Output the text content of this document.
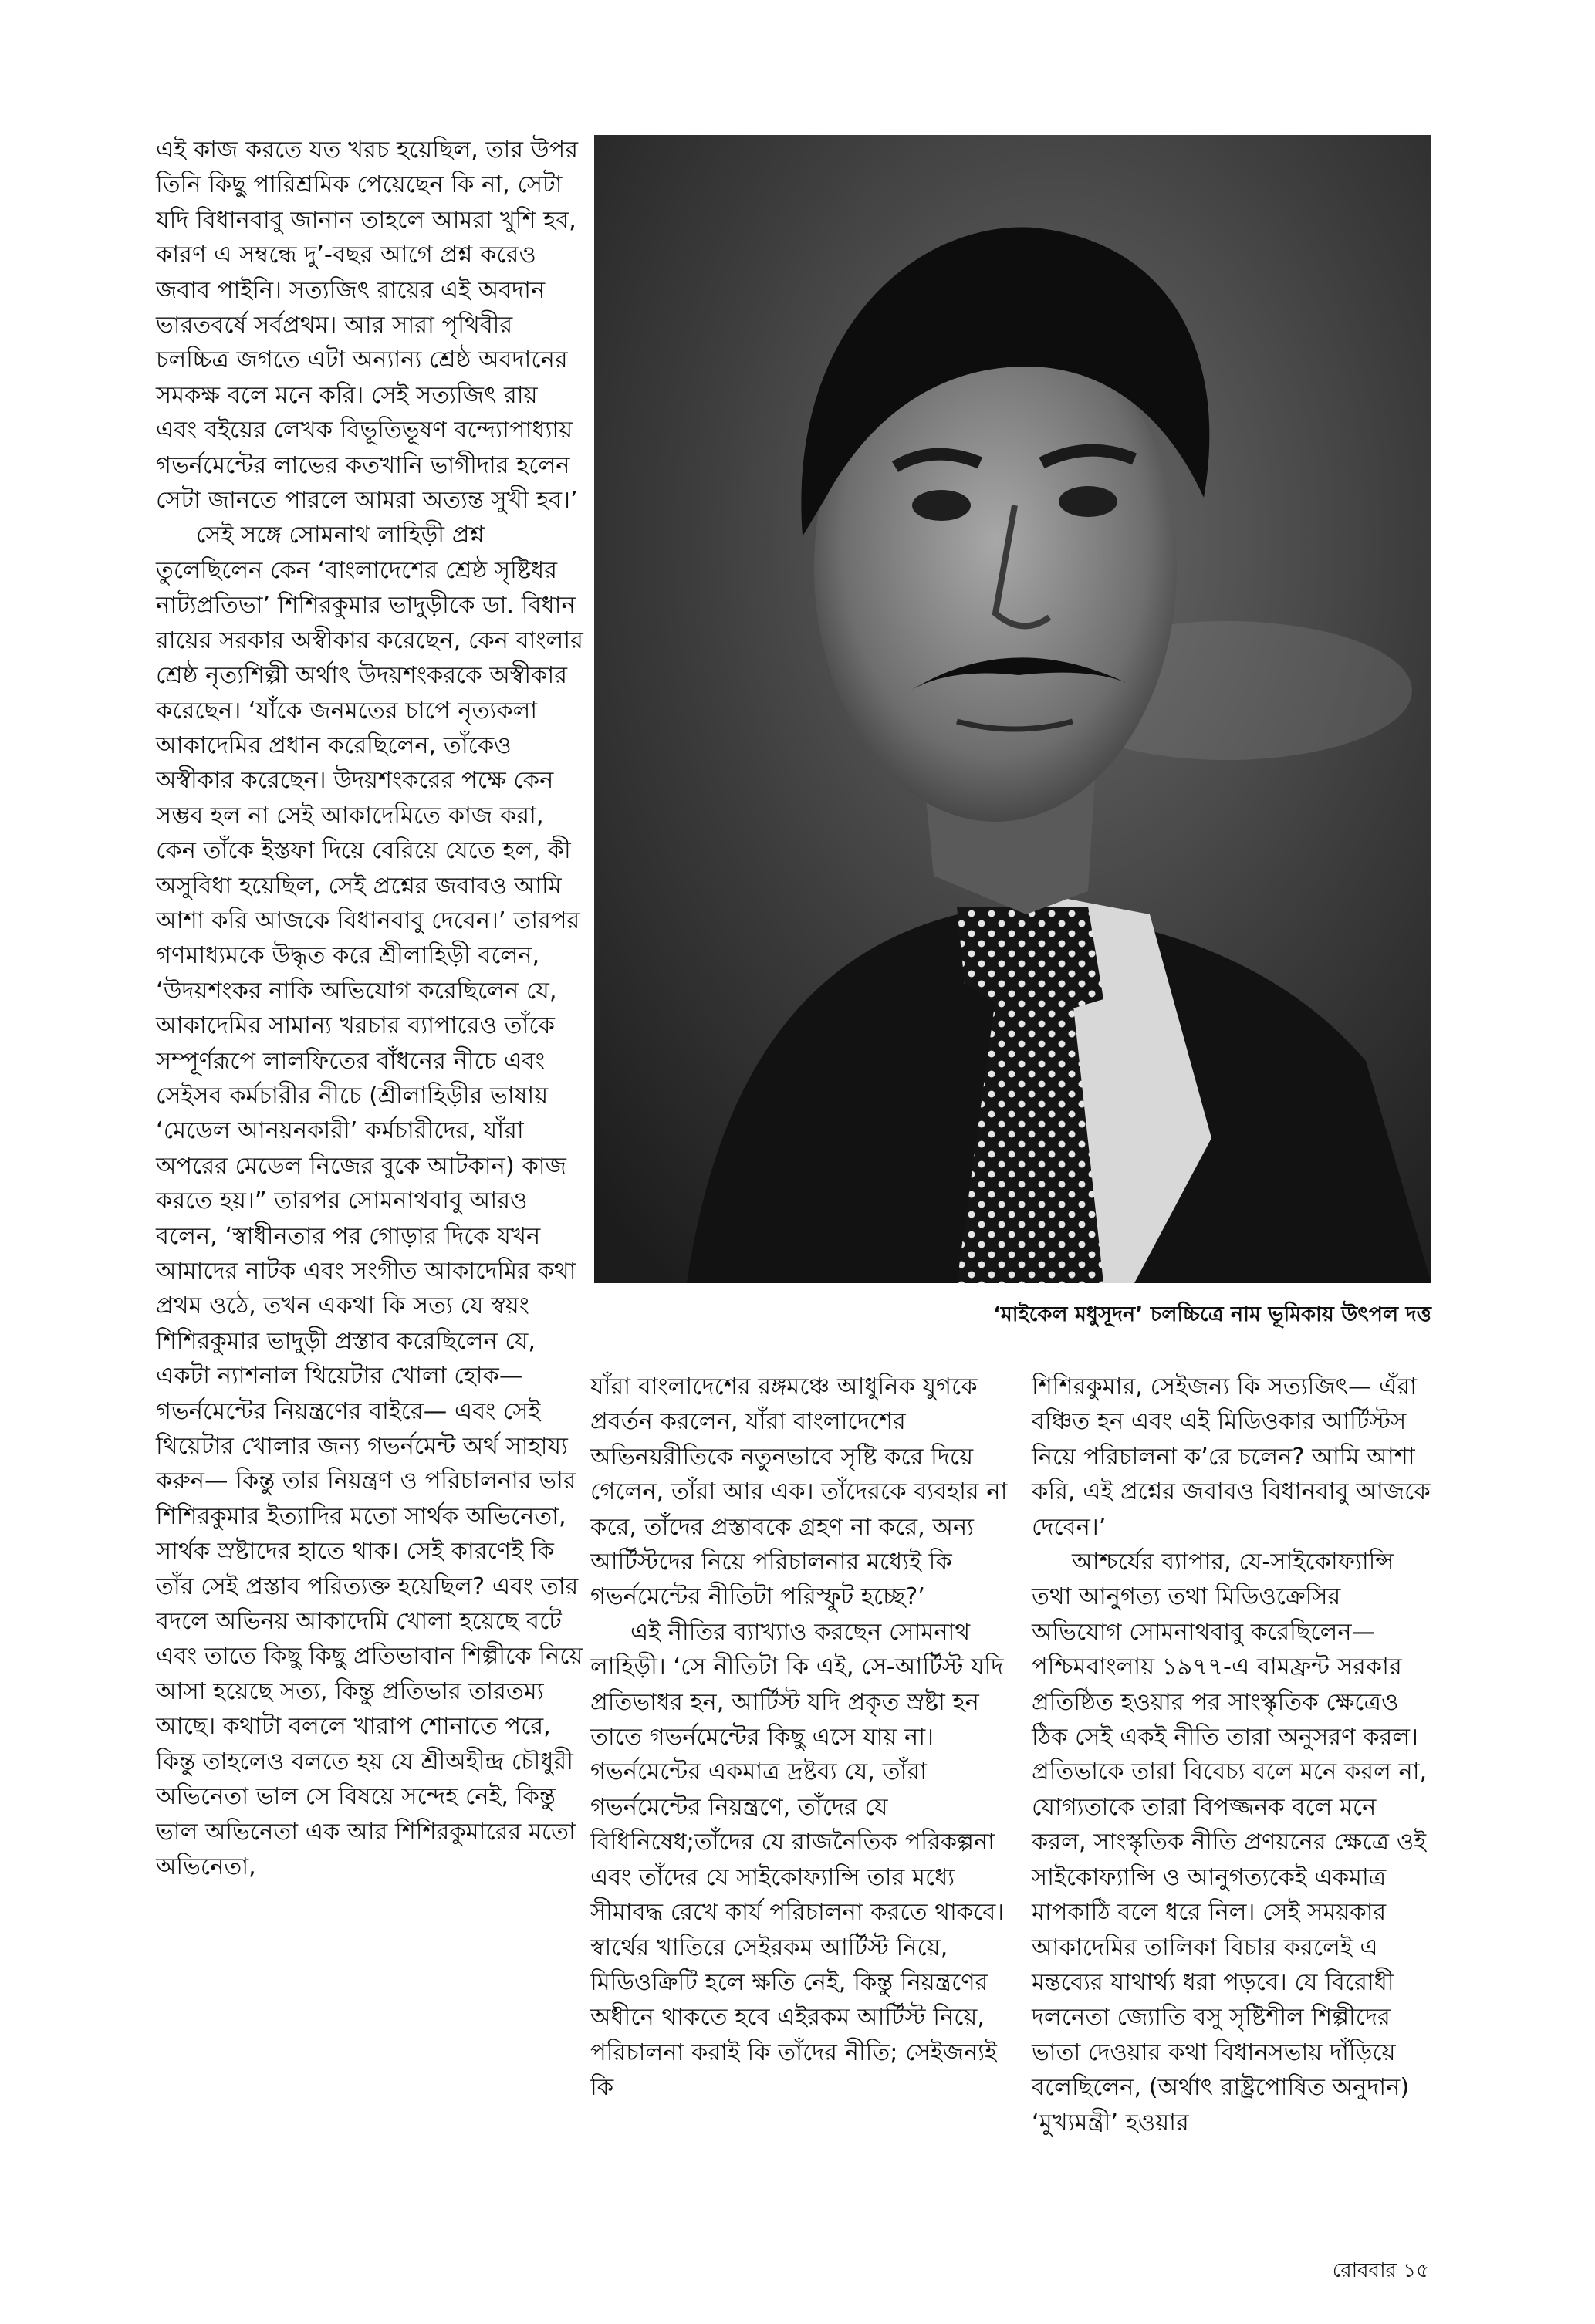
এই কাজ করতে যত খরচ হয়েছিল, তার উপর তিনি কিছু পারিশ্রমিক পেয়েছেন কি না, সেটা যদি বিধানবাবু জানান তাহলে আমরা খুশি হব, কারণ এ সম্বন্ধে দু’-বছর আগে প্রশ্ন করেও জবাব পাইনি। সত্যজিৎ রায়ের এই অবদান ভারতবর্ষে সর্বপ্রথম। আর সারা পৃথিবীর চলচ্চিত্র জগতে এটা অন্যান্য শ্রেষ্ঠ অবদানের সমকক্ষ বলে মনে করি। সেই সত্যজিৎ রায় এবং বইয়ের লেখক বিভূতিভূষণ বন্দ্যোপাধ্যায় গভর্নমেন্টের লাভের কতখানি ভাগীদার হলেন সেটা জানতে পারলে আমরা অত্যন্ত সুখী হব।’

সেই সঙ্গে সোমনাথ লাহিড়ী প্রশ্ন তুলেছিলেন কেন ‘বাংলাদেশের শ্রেষ্ঠ সৃষ্টিধর নাট্যপ্রতিভা’ শিশিরকুমার ভাদুড়ীকে ডা. বিধান রায়ের সরকার অস্বীকার করেছেন, কেন বাংলার শ্রেষ্ঠ নৃত্যশিল্পী অর্থাৎ উদয়শংকরকে অস্বীকার করেছেন। ‘যাঁকে জনমতের চাপে নৃত্যকলা আকাদেমির প্রধান করেছিলেন, তাঁকেও অস্বীকার করেছেন। উদয়শংকরের পক্ষে কেন সম্ভব হল না সেই আকাদেমিতে কাজ করা, কেন তাঁকে ইস্তফা দিয়ে বেরিয়ে যেতে হল, কী অসুবিধা হয়েছিল, সেই প্রশ্নের জবাবও আমি আশা করি আজকে বিধানবাবু দেবেন।’ তারপর গণমাধ্যমকে উদ্ধৃত করে শ্রীলাহিড়ী বলেন, ‘উদয়শংকর নাকি অভিযোগ করেছিলেন যে, আকাদেমির সামান্য খরচার ব্যাপারেও তাঁকে সম্পূর্ণরূপে লালফিতের বাঁধনের নীচে এবং সেইসব কর্মচারীর নীচে (শ্রীলাহিড়ীর ভাষায় ‘মেডেল আনয়নকারী’ কর্মচারীদের, যাঁরা অপরের মেডেল নিজের বুকে আটকান) কাজ করতে হয়।” তারপর সোমনাথবাবু আরও বলেন, ‘স্বাধীনতার পর গোড়ার দিকে যখন আমাদের নাটক এবং সংগীত আকাদেমির কথা প্রথম ওঠে, তখন একথা কি সত্য যে স্বয়ং শিশিরকুমার ভাদুড়ী প্রস্তাব করেছিলেন যে, একটা ন্যাশনাল থিয়েটার খোলা হোক— গভর্নমেন্টের নিয়ন্ত্রণের বাইরে— এবং সেই থিয়েটার খোলার জন্য গভর্নমেন্ট অর্থ সাহায্য করুন— কিন্তু তার নিয়ন্ত্রণ ও পরিচালনার ভার শিশিরকুমার ইত্যাদির মতো সার্থক অভিনেতা, সার্থক স্রষ্টাদের হাতে থাক। সেই কারণেই কি তাঁর সেই প্রস্তাব পরিত্যক্ত হয়েছিল? এবং তার বদলে অভিনয় আকাদেমি খোলা হয়েছে বটে এবং তাতে কিছু কিছু প্রতিভাবান শিল্পীকে নিয়ে আসা হয়েছে সত্য, কিন্তু প্রতিভার তারতম্য আছে। কথাটা বললে খারাপ শোনাতে পরে, কিন্তু তাহলেও বলতে হয় যে শ্রীঅহীন্দ্র চৌধুরী অভিনেতা ভাল সে বিষয়ে সন্দেহ নেই, কিন্তু ভাল অভিনেতা এক আর শিশিরকুমারের মতো অভিনেতা,

‘মাইকেল মধুসূদন’ চলচ্চিত্রে নাম ভূমিকায় উৎপল দত্ত

যাঁরা বাংলাদেশের রঙ্গমঞ্চে আধুনিক যুগকে প্রবর্তন করলেন, যাঁরা বাংলাদেশের অভিনয়রীতিকে নতুনভাবে সৃষ্টি করে দিয়ে গেলেন, তাঁরা আর এক। তাঁদেরকে ব্যবহার না করে, তাঁদের প্রস্তাবকে গ্রহণ না করে, অন্য আর্টিস্টদের নিয়ে পরিচালনার মধ্যেই কি গভর্নমেন্টের নীতিটা পরিস্ফুট হচ্ছে?’

এই নীতির ব্যাখ্যাও করছেন সোমনাথ লাহিড়ী। ‘সে নীতিটা কি এই, সে-আর্টিস্ট যদি প্রতিভাধর হন, আর্টিস্ট যদি প্রকৃত স্রষ্টা হন তাতে গভর্নমেন্টের কিছু এসে যায় না। গভর্নমেন্টের একমাত্র দ্রষ্টব্য যে, তাঁরা গভর্নমেন্টের নিয়ন্ত্রণে, তাঁদের যে বিধিনিষেধ;তাঁদের যে রাজনৈতিক পরিকল্পনা এবং তাঁদের যে সাইকোফ্যান্সি তার মধ্যে সীমাবদ্ধ রেখে কার্য পরিচালনা করতে থাকবে। স্বার্থের খাতিরে সেইরকম আর্টিস্ট নিয়ে, মিডিওক্রিটি হলে ক্ষতি নেই, কিন্তু নিয়ন্ত্রণের অধীনে থাকতে হবে এইরকম আর্টিস্ট নিয়ে, পরিচালনা করাই কি তাঁদের নীতি; সেইজন্যই কি

শিশিরকুমার, সেইজন্য কি সত্যজিৎ— এঁরা বঞ্চিত হন এবং এই মিডিওকার আর্টিস্টস নিয়ে পরিচালনা ক’রে চলেন? আমি আশা করি, এই প্রশ্নের জবাবও বিধানবাবু আজকে দেবেন।’

আশ্চর্যের ব্যাপার, যে-সাইকোফ্যান্সি তথা আনুগত্য তথা মিডিওক্রেসির অভিযোগ সোমনাথবাবু করেছিলেন— পশ্চিমবাংলায় ১৯৭৭-এ বামফ্রন্ট সরকার প্রতিষ্ঠিত হওয়ার পর সাংস্কৃতিক ক্ষেত্রেও ঠিক সেই একই নীতি তারা অনুসরণ করল। প্রতিভাকে তারা বিবেচ্য বলে মনে করল না, যোগ্যতাকে তারা বিপজ্জনক বলে মনে করল, সাংস্কৃতিক নীতি প্রণয়নের ক্ষেত্রে ওই সাইকোফ্যান্সি ও আনুগত্যকেই একমাত্র মাপকাঠি বলে ধরে নিল। সেই সময়কার আকাদেমির তালিকা বিচার করলেই এ মন্তব্যের যাথার্থ্য ধরা পড়বে। যে বিরোধী দলনেতা জ্যোতি বসু সৃষ্টিশীল শিল্পীদের ভাতা দেওয়ার কথা বিধানসভায় দাঁড়িয়ে বলেছিলেন, (অর্থাৎ রাষ্ট্রপোষিত অনুদান) ‘মুখ্যমন্ত্রী’ হওয়ার

রোববার ১৫
